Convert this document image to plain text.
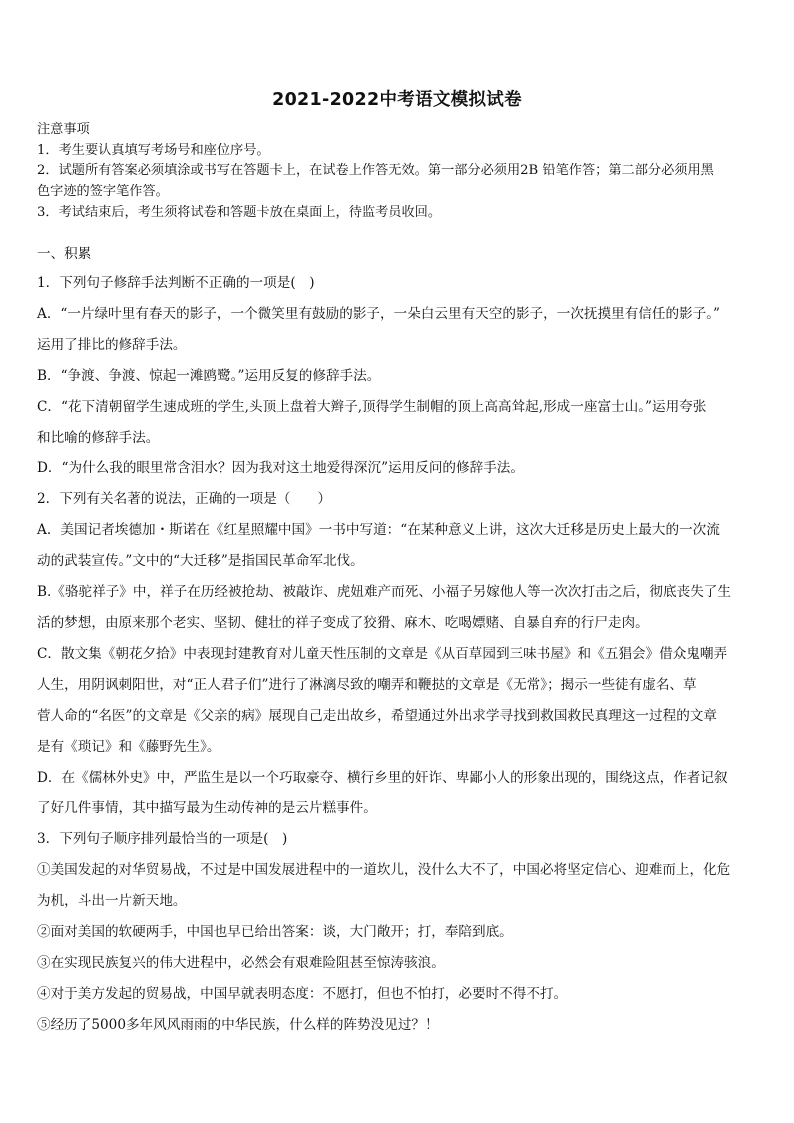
2021-2022中考语文模拟试卷
注意事项
1．考生要认真填写考场号和座位序号。
2．试题所有答案必须填涂或书写在答题卡上，在试卷上作答无效。第一部分必须用2B 铅笔作答；第二部分必须用黑
色字迹的签字笔作答。
3．考试结束后，考生须将试卷和答题卡放在桌面上，待监考员收回。
一、积累
1．下列句子修辞手法判断不正确的一项是(　)
A．“一片绿叶里有春天的影子，一个微笑里有鼓励的影子，一朵白云里有天空的影子，一次抚摸里有信任的影子。”
运用了排比的修辞手法。
B．“争渡、争渡、惊起一滩鸥鹭。”运用反复的修辞手法。
C．“花下清朝留学生速成班的学生,头顶上盘着大辫子,顶得学生制帽的顶上高高耸起,形成一座富士山。”运用夸张
和比喻的修辞手法。
D．“为什么我的眼里常含泪水？因为我对这土地爱得深沉”运用反问的修辞手法。
2．下列有关名著的说法，正确的一项是（　　）
A．美国记者埃德加・斯诺在《红星照耀中国》一书中写道：“在某种意义上讲，这次大迁移是历史上最大的一次流
动的武装宣传。”文中的“大迁移”是指国民革命军北伐。
B.《骆驼祥子》中，祥子在历经被抢劫、被敲诈、虎妞难产而死、小福子另嫁他人等一次次打击之后，彻底丧失了生
活的梦想，由原来那个老实、坚韧、健壮的祥子变成了狡猾、麻木、吃喝嫖赌、自暴自弃的行尸走肉。
C．散文集《朝花夕拾》中表现封建教育对儿童天性压制的文章是《从百草园到三味书屋》和《五猖会》借众鬼嘲弄
人生，用阴讽刺阳世，对“正人君子们”进行了淋漓尽致的嘲弄和鞭挞的文章是《无常》；揭示一些徒有虚名、草
菅人命的“名医”的文章是《父亲的病》展现自己走出故乡，希望通过外出求学寻找到救国救民真理这一过程的文章
是有《琐记》和《藤野先生》。
D．在《儒林外史》中，严监生是以一个巧取豪夺、横行乡里的奸诈、卑鄙小人的形象出现的，围绕这点，作者记叙
了好几件事情，其中描写最为生动传神的是云片糕事件。
3．下列句子顺序排列最恰当的一项是(　)
①美国发起的对华贸易战，不过是中国发展进程中的一道坎儿，没什么大不了，中国必将坚定信心、迎难而上，化危
为机，斗出一片新天地。
②面对美国的软硬两手，中国也早已给出答案：谈，大门敞开；打，奉陪到底。
③在实现民族复兴的伟大进程中，必然会有艰难险阻甚至惊涛骇浪。
④对于美方发起的贸易战，中国早就表明态度：不愿打，但也不怕打，必要时不得不打。
⑤经历了5000多年风风雨雨的中华民族，什么样的阵势没见过？！
